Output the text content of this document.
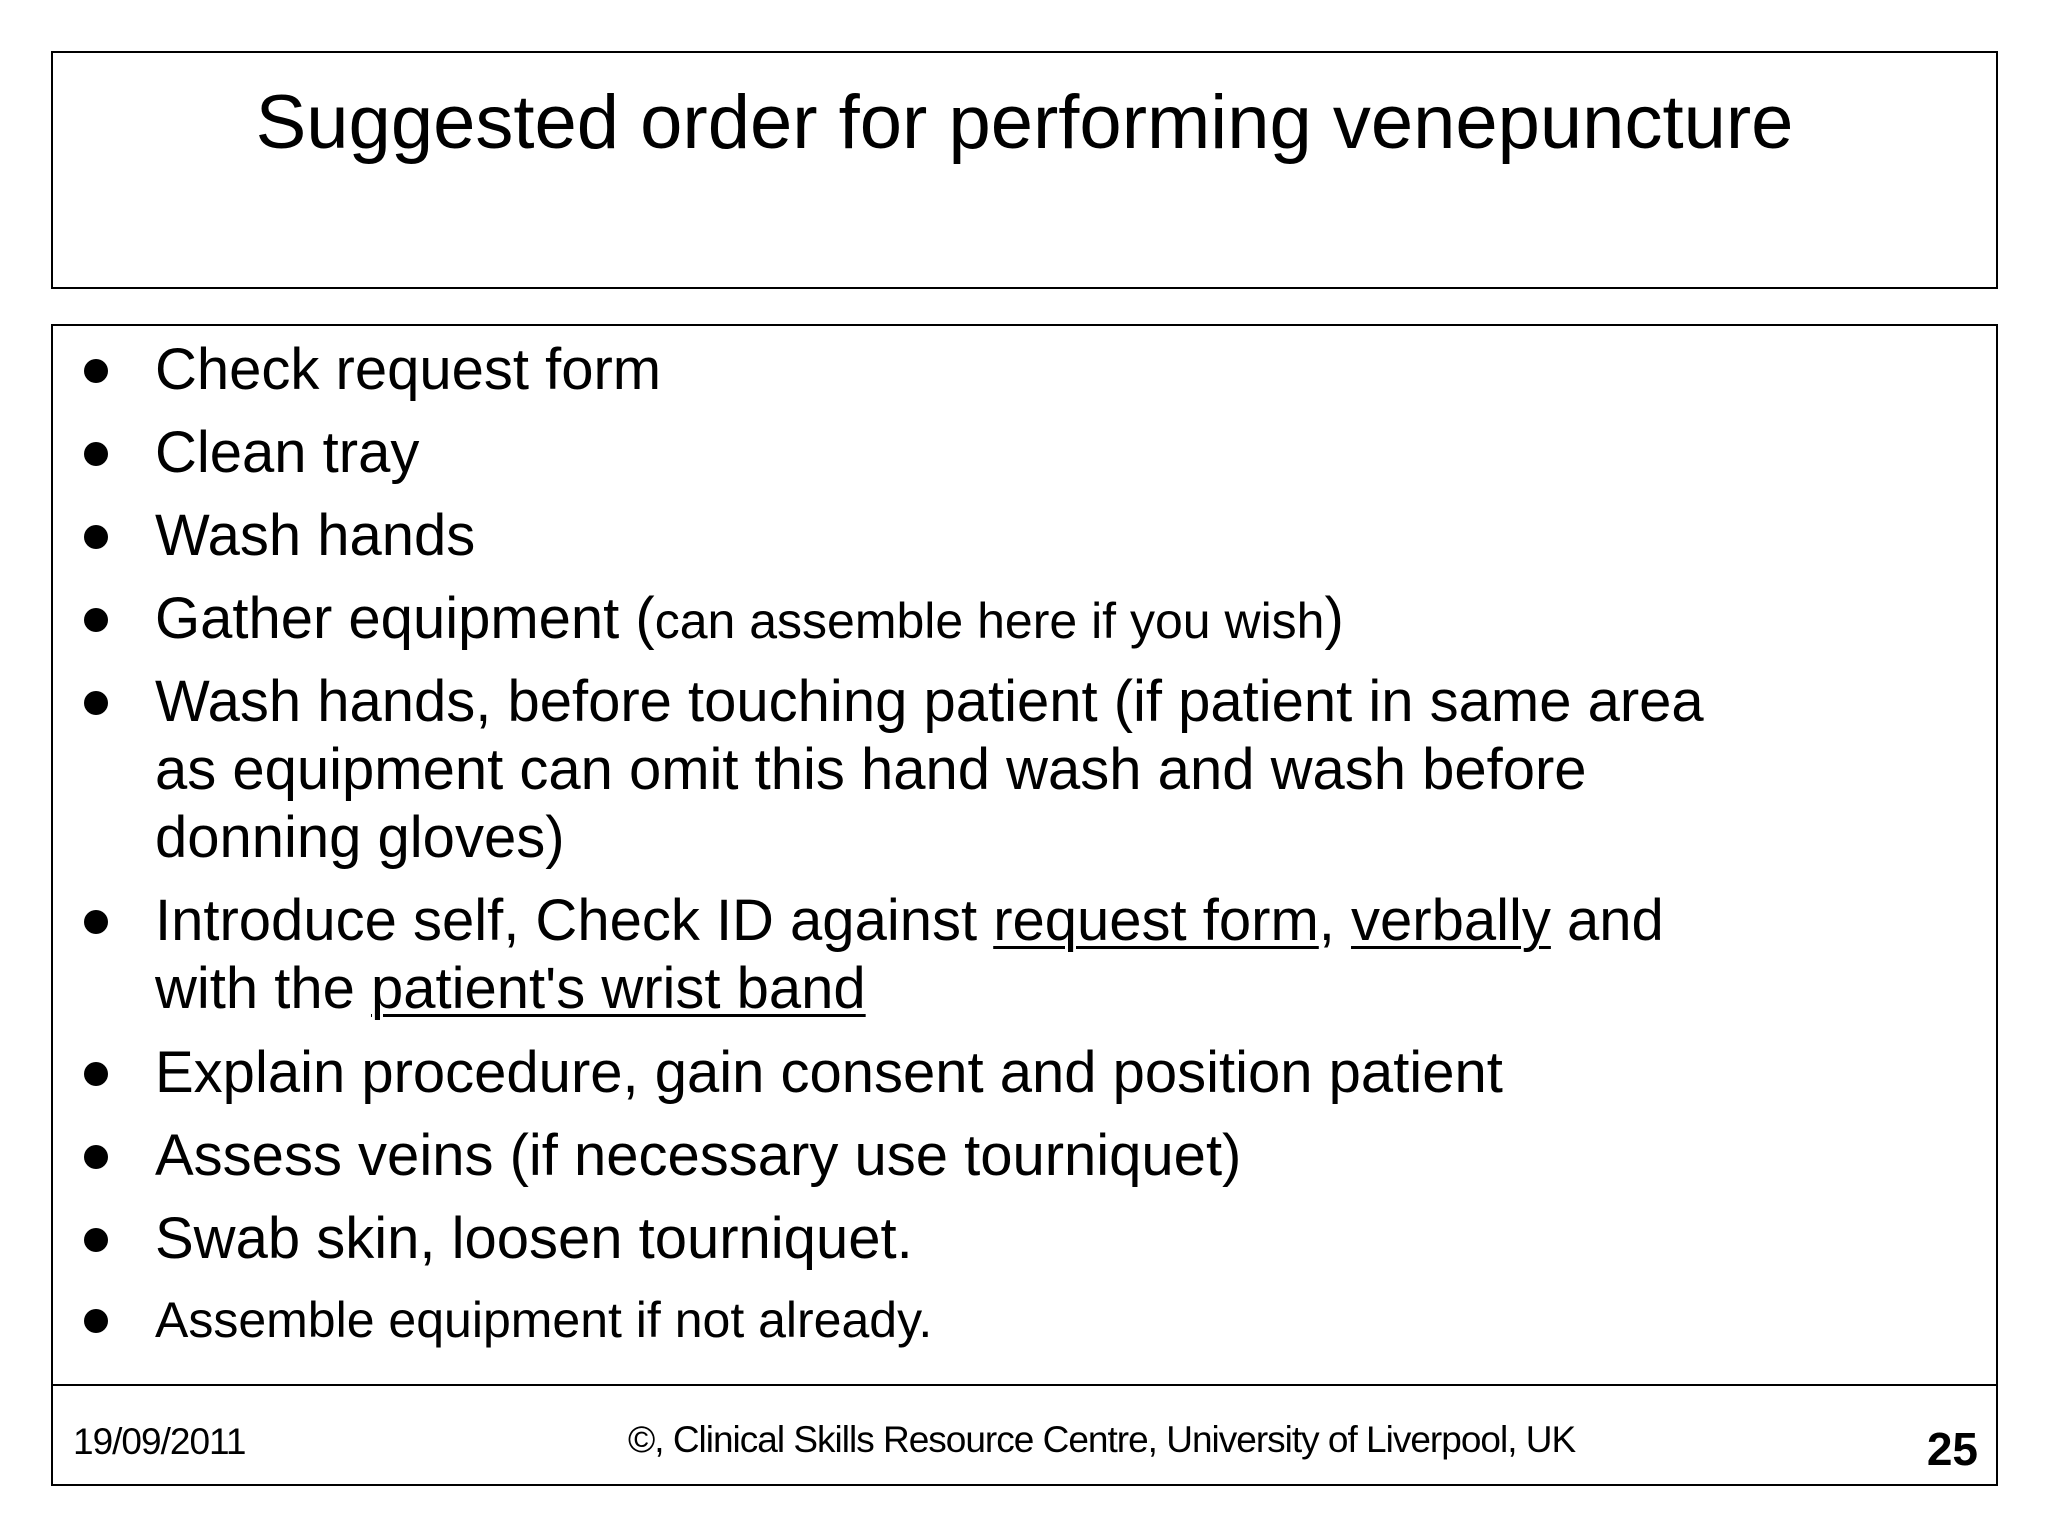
Suggested order for performing venepuncture
Check request form
Clean tray
Wash hands
Gather equipment (can assemble here if you wish)
Wash hands, before touching patient (if patient in same area
as equipment can omit this hand wash and wash before
donning gloves)
Introduce self, Check ID against request form, verbally and
with the patient's wrist band
Explain procedure, gain consent and position patient
Assess veins (if necessary use tourniquet)
Swab skin, loosen tourniquet.
Assemble equipment if not already.
19/09/2011	©, Clinical Skills Resource Centre, University of Liverpool, UK	25
